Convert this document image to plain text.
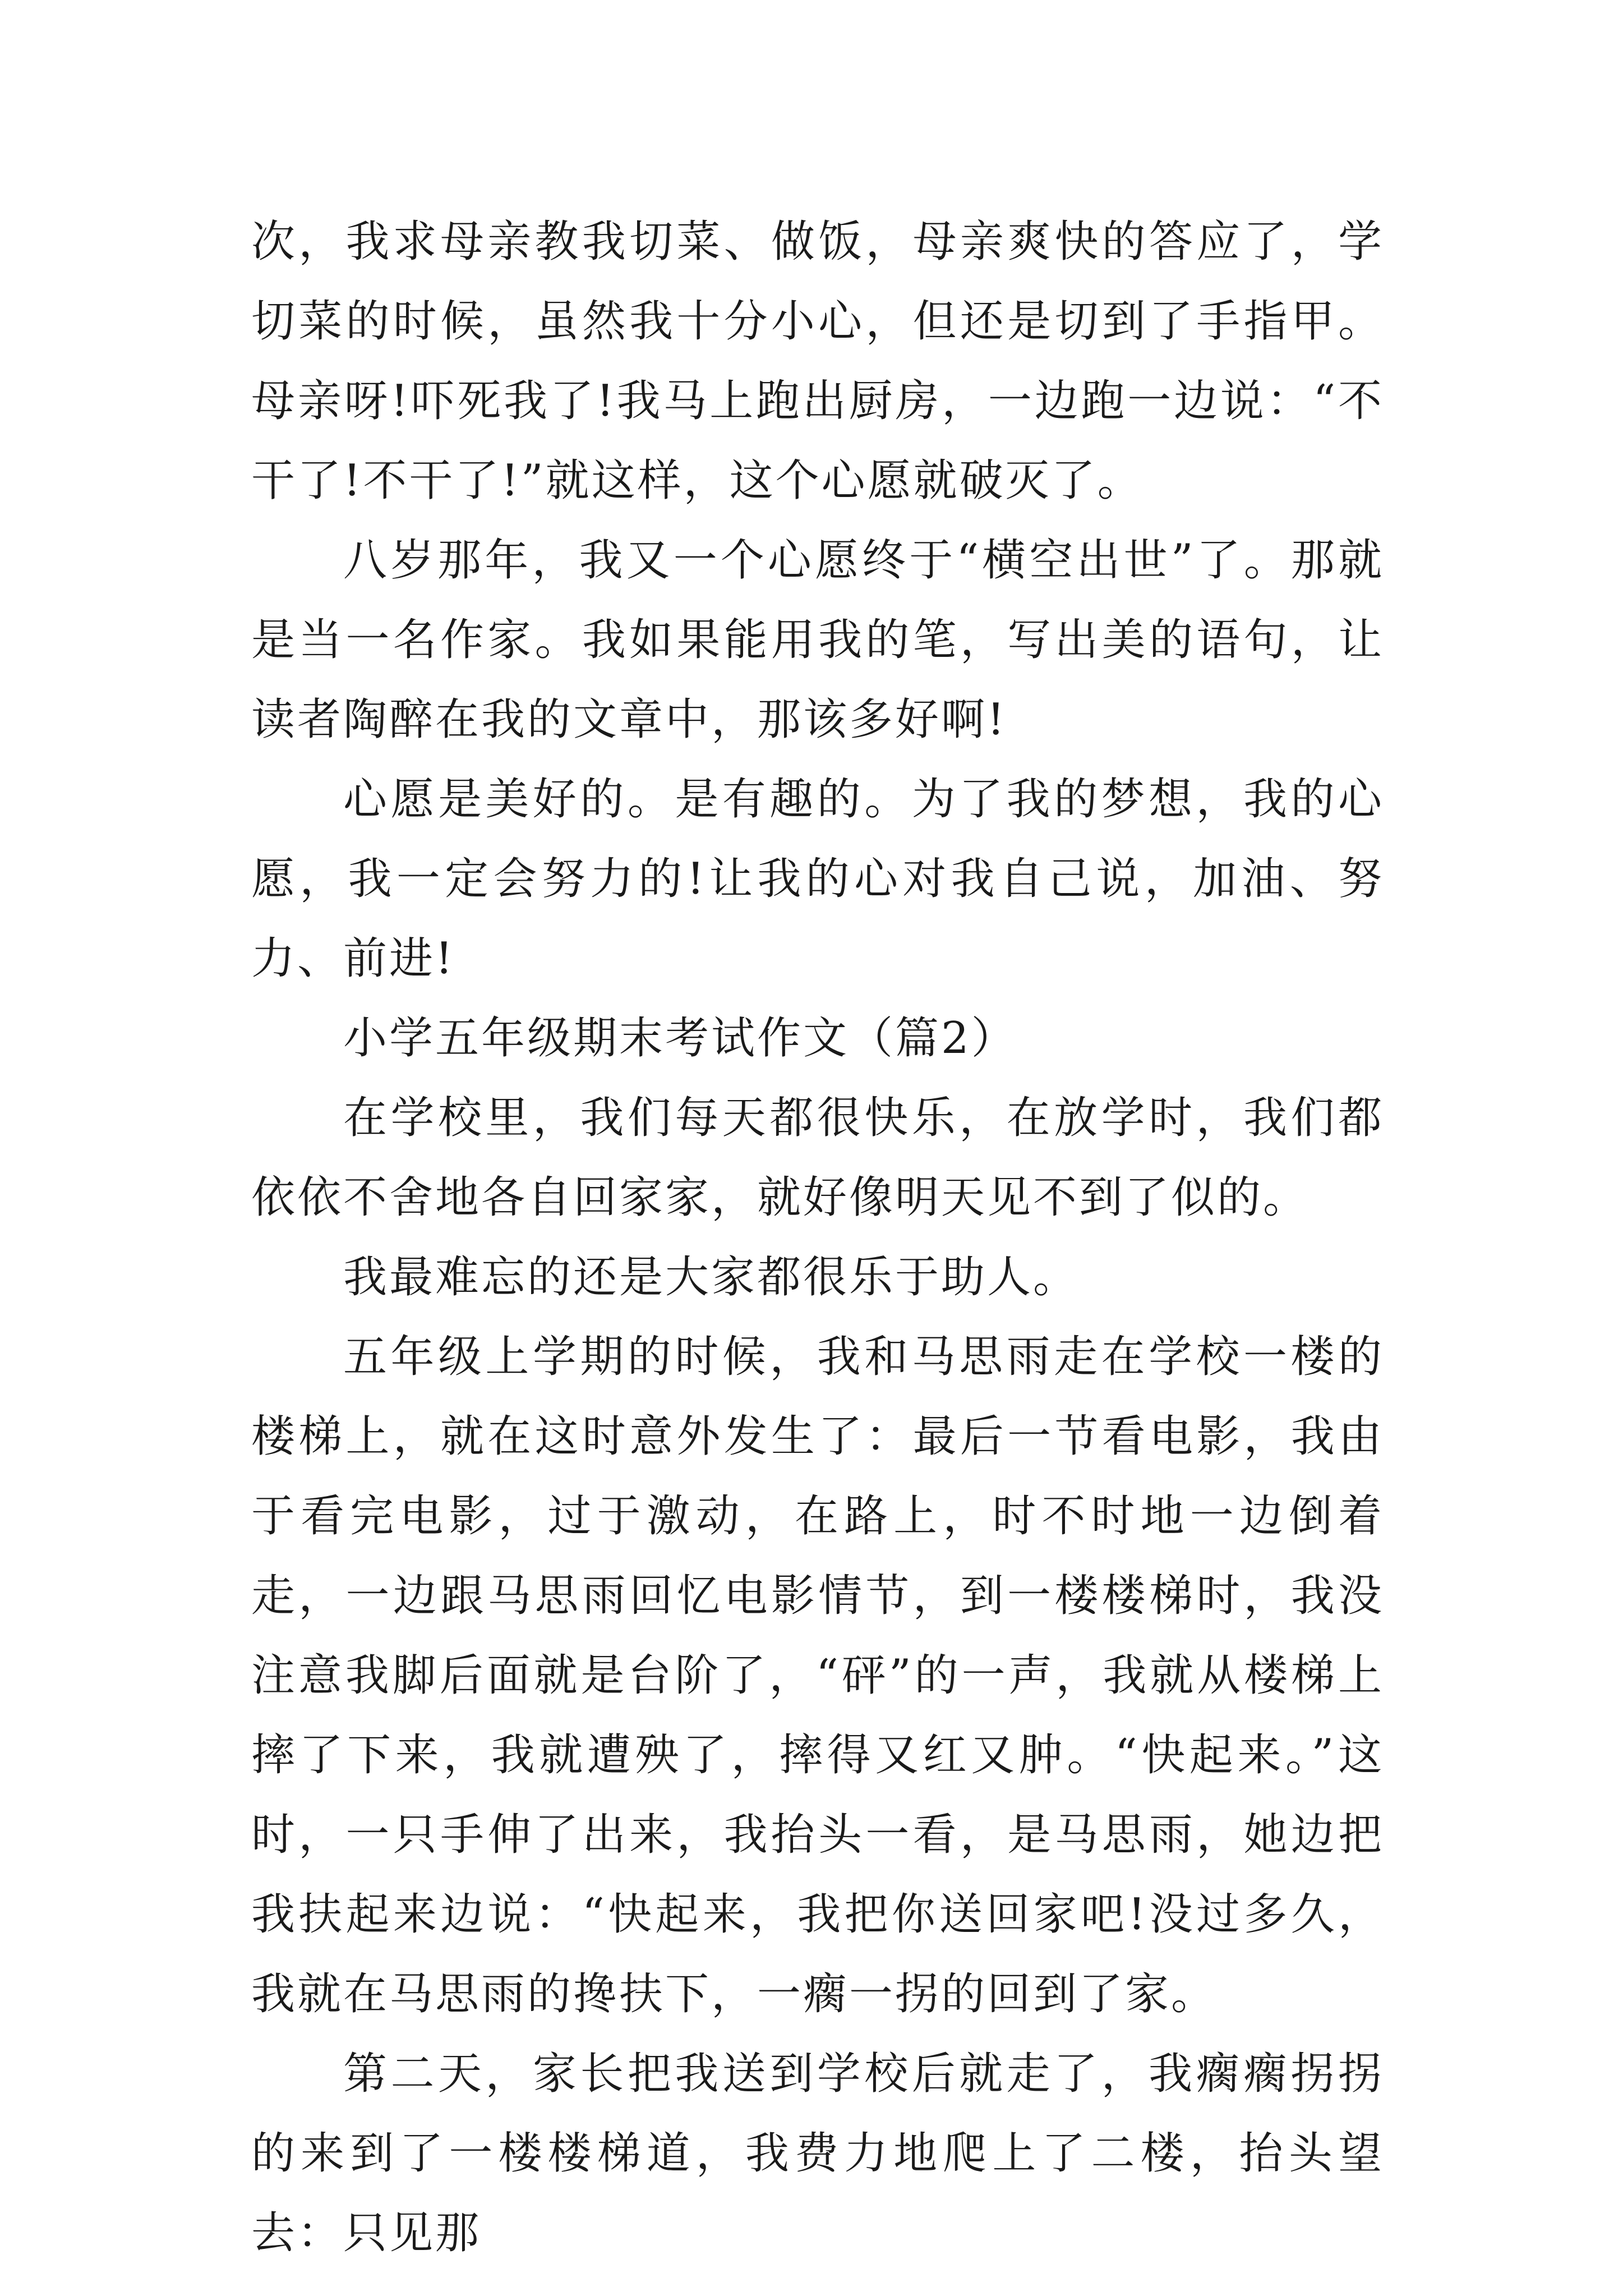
次，我求母亲教我切菜、做饭，母亲爽快的答应了，学切菜的时候，虽然我十分小心，但还是切到了手指甲。母亲呀!吓死我了!我马上跑出厨房，一边跑一边说：“不干了!不干了!”就这样，这个心愿就破灭了。

八岁那年，我又一个心愿终于“横空出世”了。那就是当一名作家。我如果能用我的笔，写出美的语句，让读者陶醉在我的文章中，那该多好啊!

心愿是美好的。是有趣的。为了我的梦想，我的心愿，我一定会努力的!让我的心对我自己说，加油、努力、前进!

小学五年级期末考试作文（篇2）

在学校里，我们每天都很快乐，在放学时，我们都依依不舍地各自回家家，就好像明天见不到了似的。

我最难忘的还是大家都很乐于助人。

五年级上学期的时候，我和马思雨走在学校一楼的楼梯上，就在这时意外发生了：最后一节看电影，我由于看完电影，过于激动，在路上，时不时地一边倒着走，一边跟马思雨回忆电影情节，到一楼楼梯时，我没注意我脚后面就是台阶了，“砰”的一声，我就从楼梯上摔了下来，我就遭殃了，摔得又红又肿。“快起来。”这时，一只手伸了出来，我抬头一看，是马思雨，她边把我扶起来边说：“快起来，我把你送回家吧!没过多久，我就在马思雨的搀扶下，一瘸一拐的回到了家。

第二天，家长把我送到学校后就走了，我瘸瘸拐拐的来到了一楼楼梯道，我费力地爬上了二楼，抬头望去：只见那
